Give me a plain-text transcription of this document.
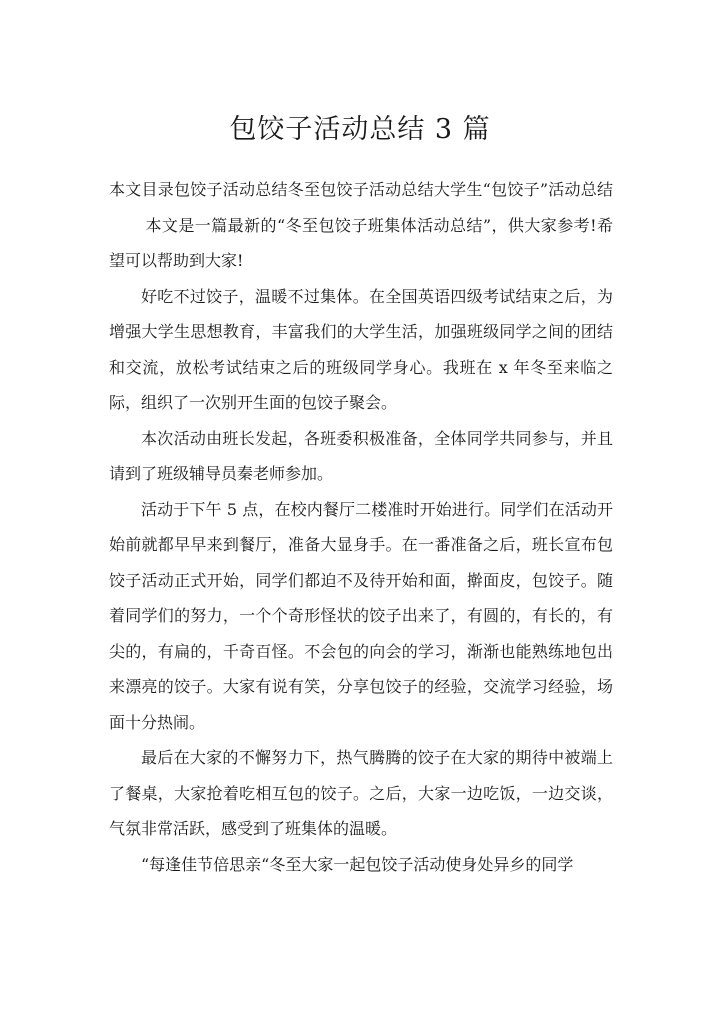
包饺子活动总结 3 篇

本文目录包饺子活动总结冬至包饺子活动总结大学生“包饺子”活动总结本文是一篇最新的“冬至包饺子班集体活动总结”，供大家参考!希望可以帮助到大家!

好吃不过饺子，温暖不过集体。在全国英语四级考试结束之后，为增强大学生思想教育，丰富我们的大学生活，加强班级同学之间的团结和交流，放松考试结束之后的班级同学身心。我班在 x 年冬至来临之际，组织了一次别开生面的包饺子聚会。

本次活动由班长发起，各班委积极准备，全体同学共同参与，并且请到了班级辅导员秦老师参加。

活动于下午 5 点，在校内餐厅二楼准时开始进行。同学们在活动开始前就都早早来到餐厅，准备大显身手。在一番准备之后，班长宣布包饺子活动正式开始，同学们都迫不及待开始和面，擀面皮，包饺子。随着同学们的努力，一个个奇形怪状的饺子出来了，有圆的，有长的，有尖的，有扁的，千奇百怪。不会包的向会的学习，渐渐也能熟练地包出来漂亮的饺子。大家有说有笑，分享包饺子的经验，交流学习经验，场面十分热闹。

最后在大家的不懈努力下，热气腾腾的饺子在大家的期待中被端上了餐桌，大家抢着吃相互包的饺子。之后，大家一边吃饭，一边交谈，气氛非常活跃，感受到了班集体的温暖。

“每逢佳节倍思亲“冬至大家一起包饺子活动使身处异乡的同学
